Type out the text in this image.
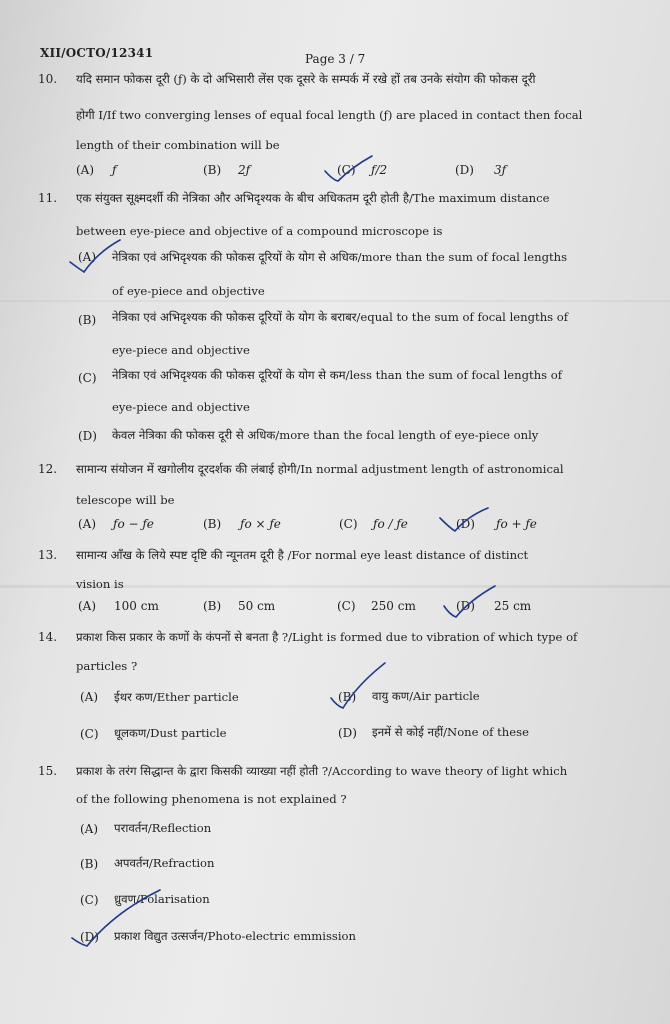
XII/OCTO/12341	Page 3 / 7
10. यदि समान फोकस दूरी (ƒ) के दो अभिसारी लेंस एक दूसरे के सम्पर्क में रखे हों तब उनके संयोग की फोकस दूरी
होगी I/If two converging lenses of equal focal length (ƒ) are placed in contact then focal
length of their combination will be
(A) ƒ	(B) 2ƒ	(C) ƒ/2	(D) 3ƒ
11. एक संयुक्त सूक्ष्मदर्शी की नेत्रिका और अभिदृश्यक के बीच अधिकतम दूरी होती है/The maximum distance
between eye-piece and objective of a compound microscope is
(A) नेत्रिका एवं अभिदृश्यक की फोकस दूरियों के योग से अधिक/more than the sum of focal lengths
of eye-piece and objective
(B) नेत्रिका एवं अभिदृश्यक की फोकस दूरियों के योग के बराबर/equal to the sum of focal lengths of
eye-piece and objective
(C) नेत्रिका एवं अभिदृश्यक की फोकस दूरियों के योग से कम/less than the sum of focal lengths of
eye-piece and objective
(D) केवल नेत्रिका की फोकस दूरी से अधिक/more than the focal length of eye-piece only
12. सामान्य संयोजन में खगोलीय दूरदर्शक की लंबाई होगी/In normal adjustment length of astronomical
telescope will be
(A) ƒo − ƒe	(B) ƒo × ƒe	(C) ƒo / ƒe	(D) ƒo + ƒe
13. सामान्य आँख के लिये स्पष्ट दृष्टि की न्यूनतम दूरी है /For normal eye least distance of distinct
vision is
(A) 100 cm	(B) 50 cm	(C) 250 cm	(D) 25 cm
14. प्रकाश किस प्रकार के कणों के कंपनों से बनता है ?/Light is formed due to vibration of which type of
particles ?
(A) ईथर कण/Ether particle	(B) वायु कण/Air particle
(C) धूलकण/Dust particle	(D) इनमें से कोई नहीं/None of these
15. प्रकाश के तरंग सिद्धान्त के द्वारा किसकी व्याख्या नहीं होती ?/According to wave theory of light which
of the following phenomena is not explained ?
(A) परावर्तन/Reflection
(B) अपवर्तन/Refraction
(C) ध्रुवण/Polarisation
(D) प्रकाश विद्युत उत्सर्जन/Photo-electric emmission
